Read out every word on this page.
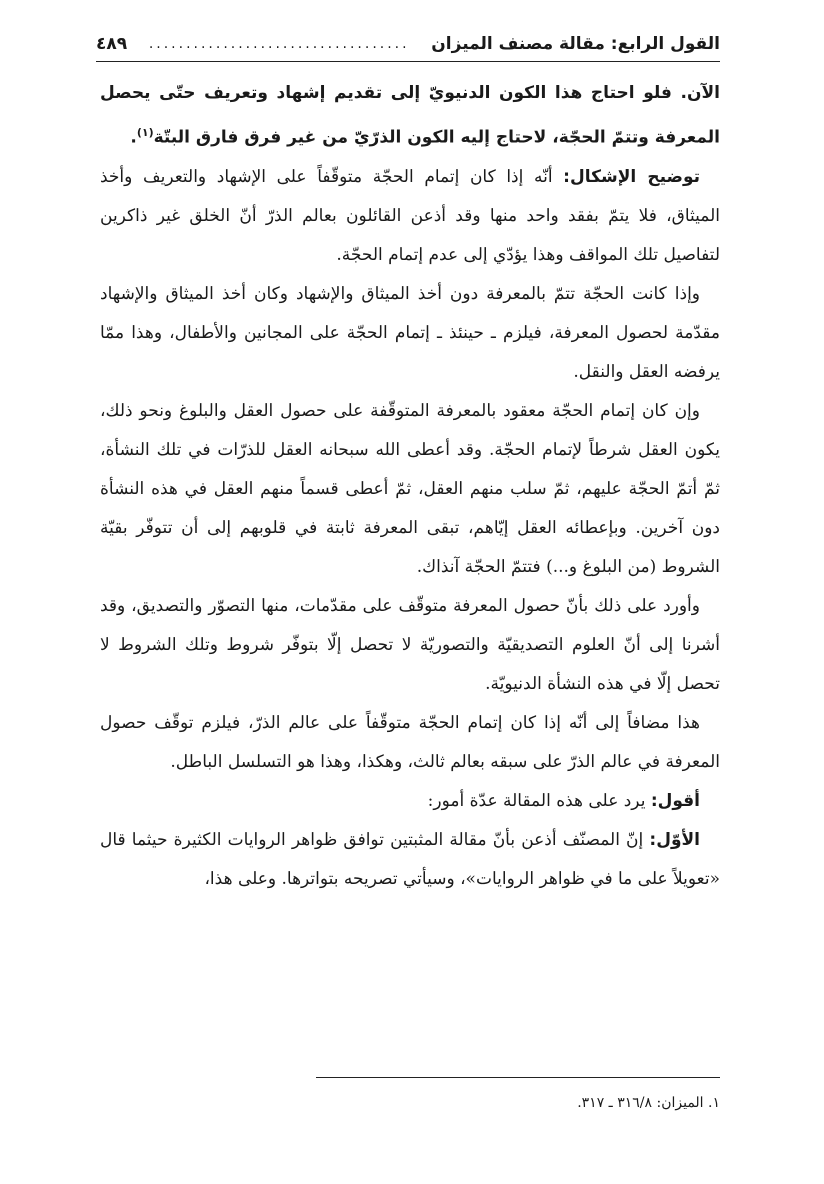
القول الرابع: مقالة مصنف الميزان
...................................
٤٨٩

الآن. فلو احتاج هذا الكون الدنيويّ إلى تقديم إشهاد وتعريف حتّى يحصل المعرفة وتتمّ الحجّة، لاحتاج إليه الكون الذرّيّ من غير فرق فارق البتّة$^{(١)}$.

توضيح الإشكال: أنّه إذا كان إتمام الحجّة متوقّفاً على الإشهاد والتعريف وأخذ الميثاق، فلا يتمّ بفقد واحد منها وقد أذعن القائلون بعالم الذرّ أنّ الخلق غير ذاكرين لتفاصيل تلك المواقف وهذا يؤدّي إلى عدم إتمام الحجّة.

وإذا كانت الحجّة تتمّ بالمعرفة دون أخذ الميثاق والإشهاد وكان أخذ الميثاق والإشهاد مقدّمة لحصول المعرفة، فيلزم ـ حينئذ ـ إتمام الحجّة على المجانين والأطفال، وهذا ممّا يرفضه العقل والنقل.

وإن كان إتمام الحجّة معقود بالمعرفة المتوقّفة على حصول العقل والبلوغ ونحو ذلك، يكون العقل شرطاً لإتمام الحجّة. وقد أعطى الله سبحانه العقل للذرّات في تلك النشأة، ثمّ أتمّ الحجّة عليهم، ثمّ سلب منهم العقل، ثمّ أعطى قسماً منهم العقل في هذه النشأة دون آخرين. وبإعطائه العقل إيّاهم، تبقى المعرفة ثابتة في قلوبهم إلى أن تتوفّر بقيّة الشروط (من البلوغ و...) فتتمّ الحجّة آنذاك.

وأورد على ذلك بأنّ حصول المعرفة متوقّف على مقدّمات، منها التصوّر والتصديق، وقد أشرنا إلى أنّ العلوم التصديقيّة والتصوريّة لا تحصل إلّا بتوفّر شروط وتلك الشروط لا تحصل إلّا في هذه النشأة الدنيويّة.

هذا مضافاً إلى أنّه إذا كان إتمام الحجّة متوقّفاً على عالم الذرّ، فيلزم توقّف حصول المعرفة في عالم الذرّ على سبقه بعالم ثالث، وهكذا، وهذا هو التسلسل الباطل.

أقول: يرد على هذه المقالة عدّة أمور:

الأوّل: إنّ المصنّف أذعن بأنّ مقالة المثبتين توافق ظواهر الروايات الكثيرة حيثما قال «تعويلاً على ما في ظواهر الروايات»، وسيأتي تصريحه بتواترها. وعلى هذا،

١. الميزان: ٣١٦/٨ ـ ٣١٧.
